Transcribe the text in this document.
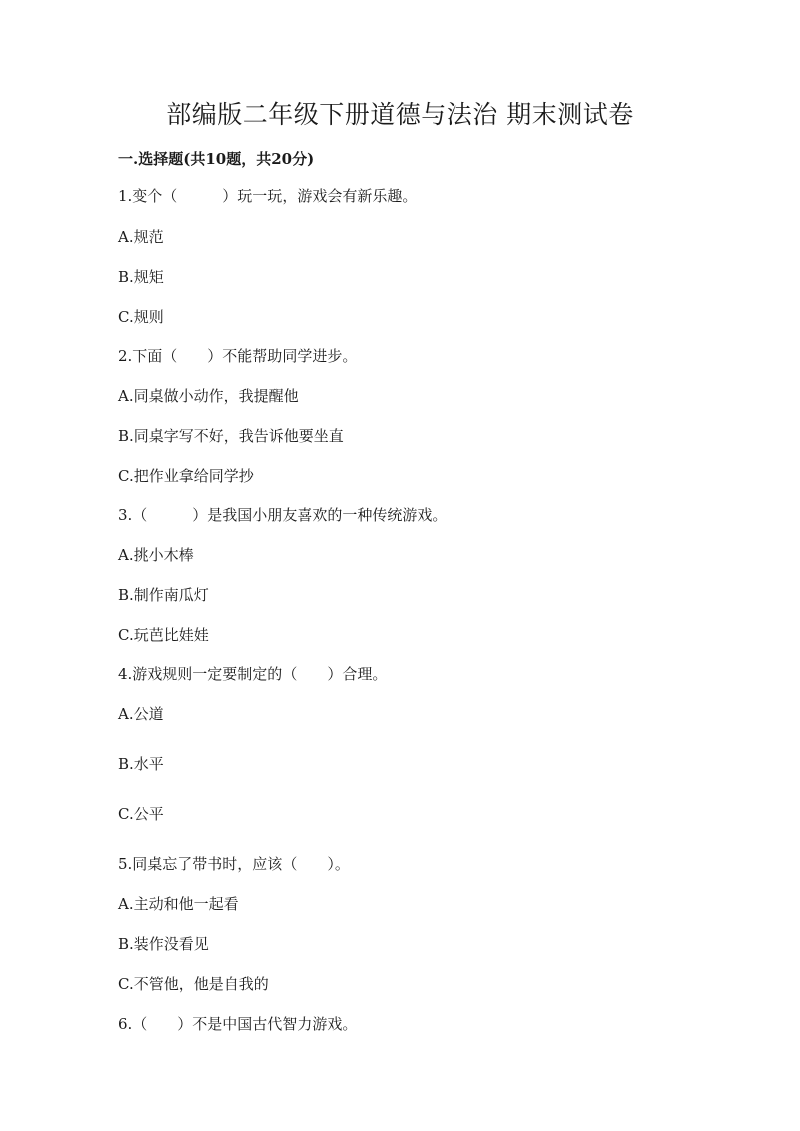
部编版二年级下册道德与法治 期末测试卷
一.选择题(共10题，共20分)
1.变个（　　　）玩一玩，游戏会有新乐趣。
A.规范
B.规矩
C.规则
2.下面（　　）不能帮助同学进步。
A.同桌做小动作，我提醒他
B.同桌字写不好，我告诉他要坐直
C.把作业拿给同学抄
3.（　　　）是我国小朋友喜欢的一种传统游戏。
A.挑小木棒
B.制作南瓜灯
C.玩芭比娃娃
4.游戏规则一定要制定的（　　）合理。
A.公道
B.水平
C.公平
5.同桌忘了带书时，应该（　　）。
A.主动和他一起看
B.装作没看见
C.不管他，他是自我的
6.（　　）不是中国古代智力游戏。
